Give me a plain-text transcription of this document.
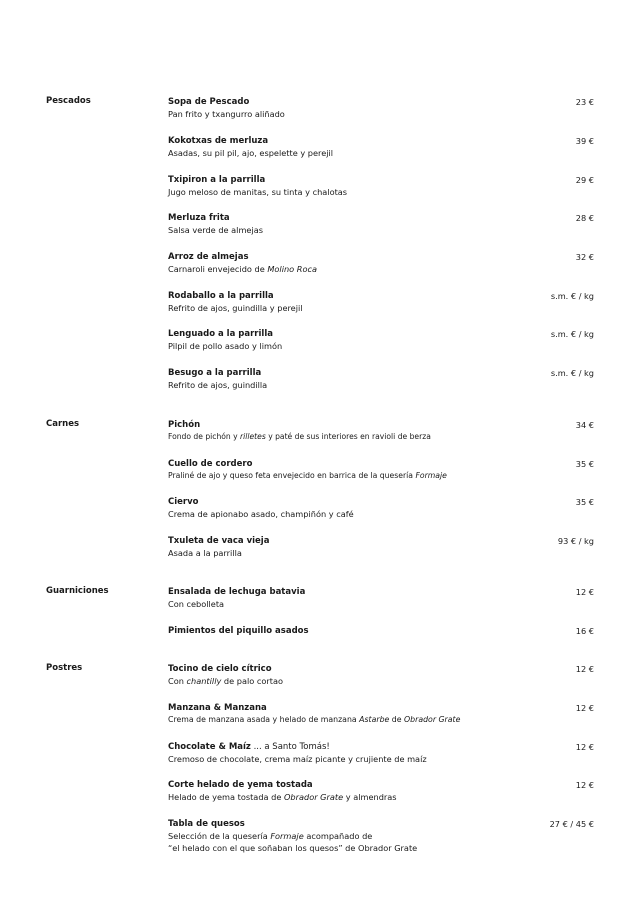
Pescados	Sopa de Pescado
Pan frito y txangurro aliñado
23 €
Kokotxas de merluza
Asadas, su pil pil, ajo, espelette y perejil
39 €
Txipiron a la parrilla
Jugo meloso de manitas, su tinta y chalotas
29 €
Merluza frita
Salsa verde de almejas
28 €
Arroz de almejas
Carnaroli envejecido de Molino Roca
32 €
Rodaballo a la parrilla
Refrito de ajos, guindilla y perejil
s.m. € / kg
Lenguado a la parrilla
Pilpil de pollo asado y limón
s.m. € / kg
Besugo a la parrilla
Refrito de ajos, guindilla
s.m. € / kg
Carnes	Pichón
Fondo de pichón y rilletes y paté de sus interiores en ravioli de berza
34 €
Cuello de cordero
Praliné de ajo y queso feta envejecido en barrica de la quesería Formaje
35 €
Ciervo
Crema de apionabo asado, champiñón y café
35 €
Txuleta de vaca vieja
Asada a la parrilla
93 € / kg
Guarniciones	Ensalada de lechuga batavia
Con cebolleta
12 €
Pimientos del piquillo asados	16 €
Postres	Tocino de cielo cítrico
Con chantilly de palo cortao
12 €
Manzana & Manzana
Crema de manzana asada y helado de manzana Astarbe de Obrador Grate
12 €
Chocolate & Maíz ... a Santo Tomás!
Cremoso de chocolate, crema maíz picante y crujiente de maíz
12 €
Corte helado de yema tostada
Helado de yema tostada de Obrador Grate y almendras
12 €
Tabla de quesos
Selección de la quesería Formaje acompañado de
“el helado con el que soñaban los quesos” de Obrador Grate
27 € / 45 €
